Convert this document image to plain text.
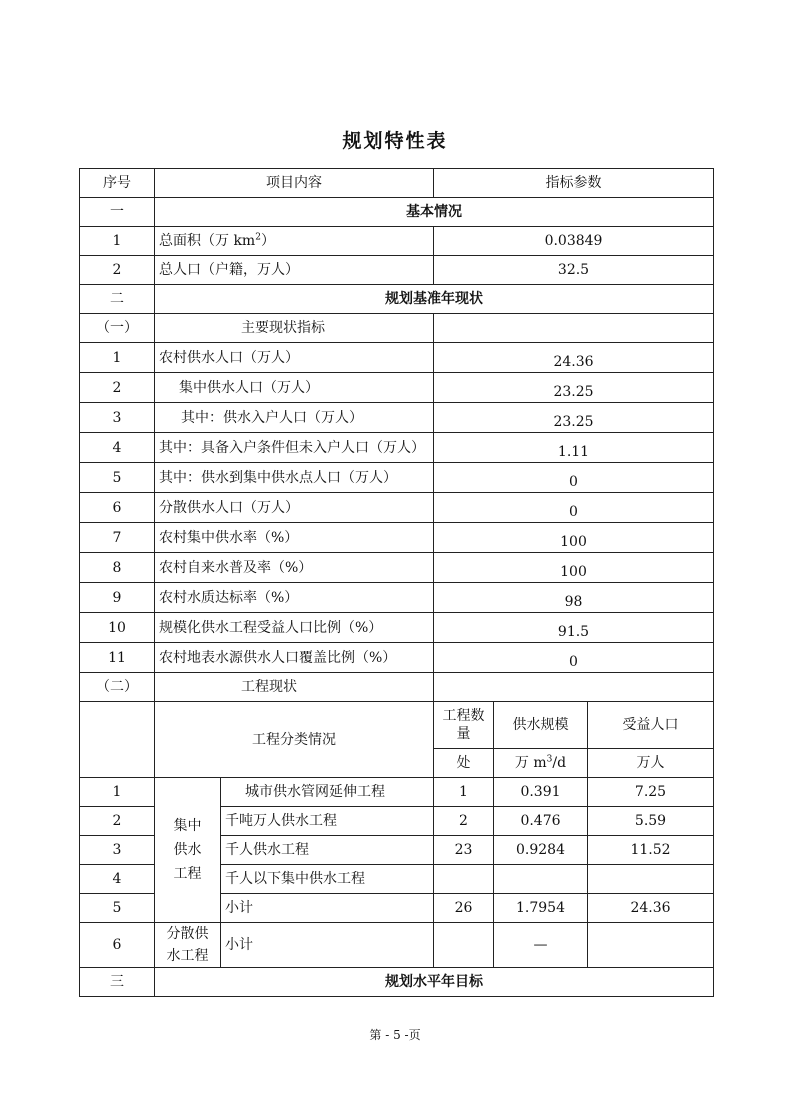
规划特性表
序号	项目内容		指标参数		
一	基本情况				
1	总面积（万 $km^2$）		0.03849		
2	总人口（户籍，万人）		32.5		
二	规划基准年现状				
（一）	主要现状指标				
1	农村供水人口（万人）		24.36		
2	集中供水人口（万人）		23.25		
3	其中：供水入户人口（万人）		23.25		
4	其中：具备入户条件但未入户人口（万人）		1.11		
5	其中：供水到集中供水点人口（万人）		0		
6	分散供水人口（万人）		0		
7	农村集中供水率（%）		100		
8	农村自来水普及率（%）		100		
9	农村水质达标率（%）		98		
10	规模化供水工程受益人口比例（%）		91.5		
11	农村地表水源供水人口覆盖比例（%）		0		
（二）	工程现状				
	工程分类情况		工程数量	供水规模	受益人口
			处	万 $m^3/d$	万人
1	集中供水工程	城市供水管网延伸工程	1	0.391	7.25
2		千吨万人供水工程	2	0.476	5.59
3		千人供水工程	23	0.9284	11.52
4		千人以下集中供水工程			
5		小计	26	1.7954	24.36
6	分散供水工程	小计		—	
三	规划水平年目标				
第 - 5 -页
